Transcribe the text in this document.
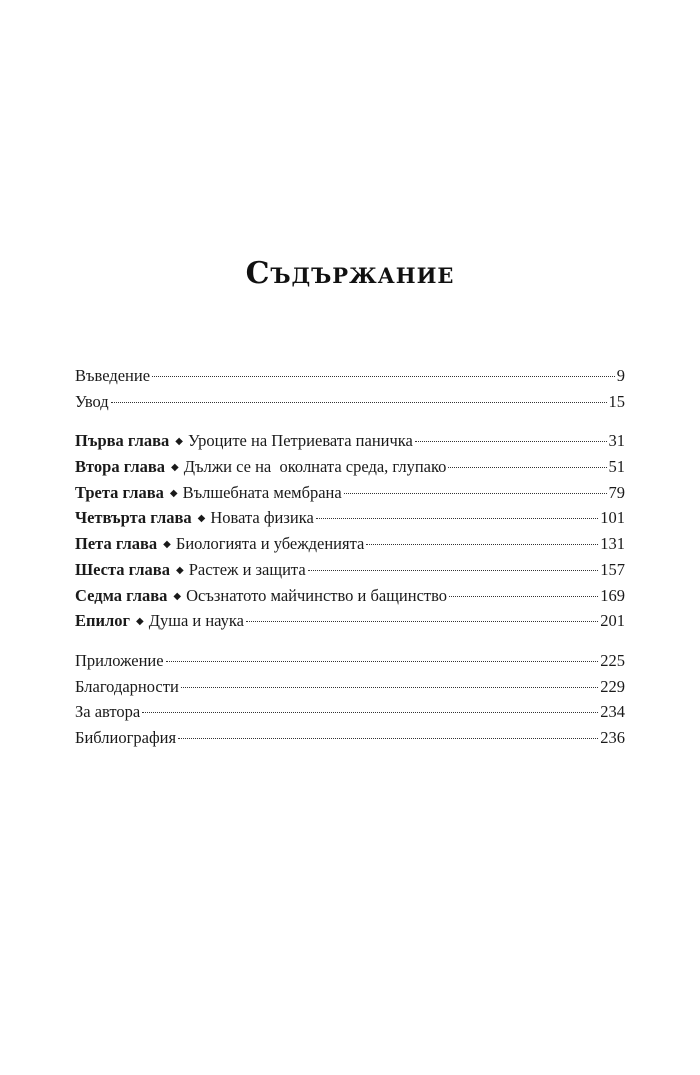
Съдържание
Въведение	9
Увод	15
Първа глава ◆ Уроците на Петриевата паничка	31
Втора глава ◆ Дължи се на  околната среда, глупако	51
Трета глава ◆ Вълшебната мембрана	79
Четвърта глава ◆ Новата физика	101
Пета глава ◆ Биологията и убежденията	131
Шеста глава ◆ Растеж и защита	157
Седма глава ◆ Осъзнатото майчинство и бащинство	169
Епилог ◆ Душа и наука	201
Приложение	225
Благодарности	229
За автора	234
Библиография	236
